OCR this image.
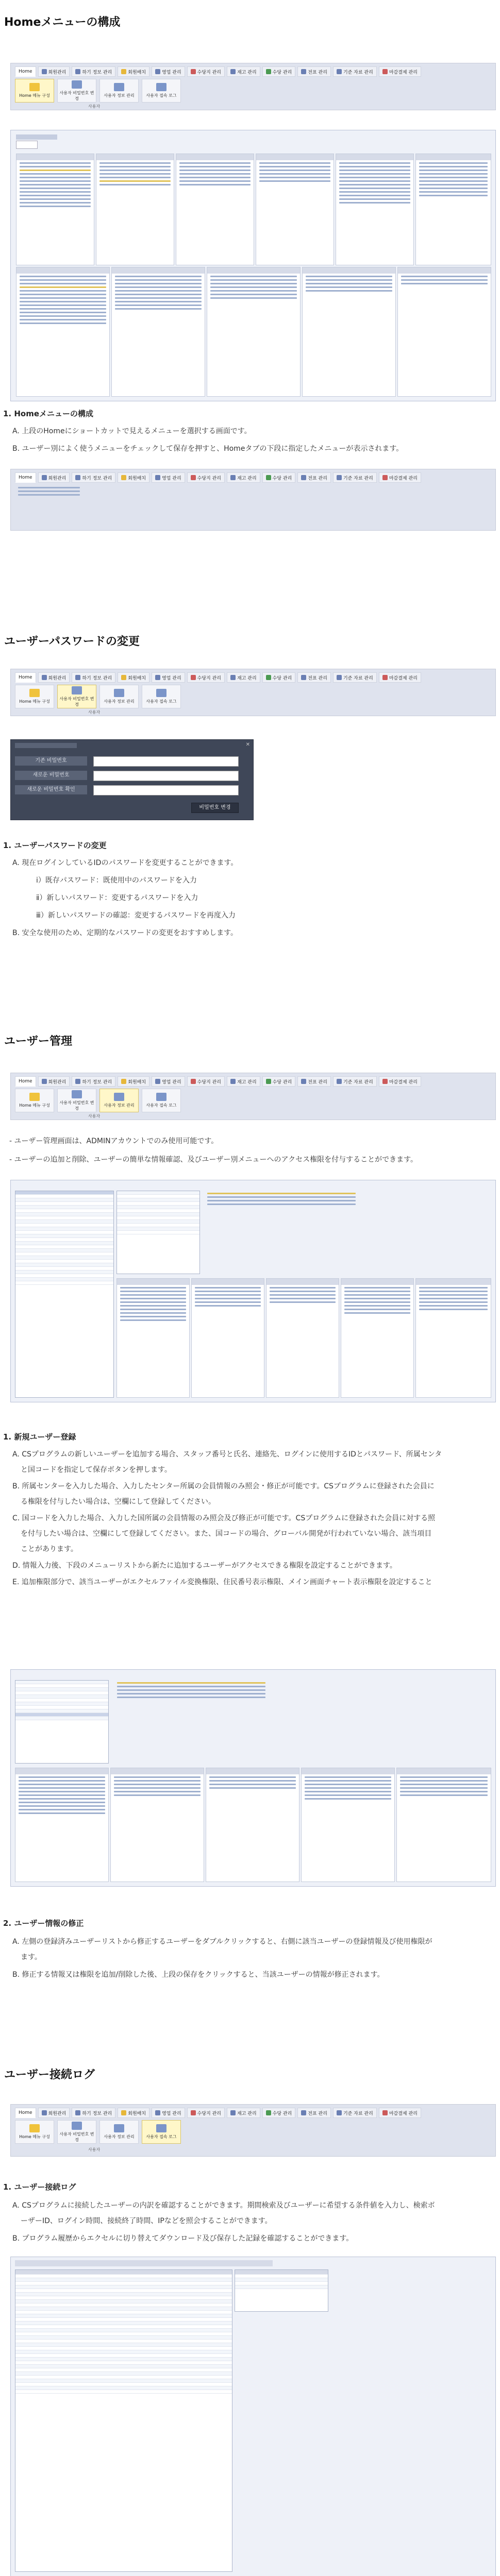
Homeメニューの構成
Home	회원관리	하기 정보 관리	회원배치	영업 관리	수당지 관리	재고 관리	수당 관리	전표 관리	기준 자료 관리	마감결제 관리
Home 메뉴 구성
사용자 비밀번호 변경
사용자 정보 관리	사용자 접속 로그
사용자
1. Homeメニューの構成
A. 上段のHomeにショートカットで見えるメニューを選択する画面です。
B. ユーザー別によく使うメニューをチェックして保存を押すと、Homeタブの下段に指定したメニューが表示されます。
Home	회원관리	하기 정보 관리	회원배치	영업 관리	수당지 관리	재고 관리	수당 관리	전표 관리	기준 자료 관리	마감결제 관리
ユーザーパスワードの変更
Home	회원관리	하기 정보 관리	회원배치	영업 관리	수당지 관리	재고 관리	수당 관리	전표 관리	기준 자료 관리	마감결제 관리
Home 메뉴 구성
사용자 비밀번호 변경
사용자 정보 관리	사용자 접속 로그
사용자
✕
기존 비밀번호
새로운 비밀번호
새로운 비밀번호 확인
비밀번호 변경
1. ユーザーパスワードの変更
A. 現在ログインしているIDのパスワードを変更することができます。
ⅰ）既存パスワード：既使用中のパスワードを入力
ⅱ）新しいパスワード：変更するパスワードを入力
ⅲ）新しいパスワードの確認：変更するパスワードを再度入力
B. 安全な使用のため、定期的なパスワードの変更をおすすめします。
ユーザー管理
Home	회원관리	하기 정보 관리	회원배치	영업 관리	수당지 관리	재고 관리	수당 관리	전표 관리	기준 자료 관리	마감결제 관리
Home 메뉴 구성
사용자 비밀번호 변경
사용자 정보 관리	사용자 접속 로그
사용자
- ユーザー管理画面は、ADMINアカウントでのみ使用可能です。
- ユーザーの追加と削除、ユーザーの簡単な情報確認、及びユーザー別メニューへのアクセス権限を付与することができます。
1. 新規ユーザー登録
A. CSプログラムの新しいユーザーを追加する場合、スタッフ番号と氏名、連絡先、ログインに使用するIDとパスワード、所属センタ
と国コードを指定して保存ボタンを押します。
B. 所属センターを入力した場合、入力したセンター所属の会員情報のみ照会・修正が可能です。CSプログラムに登録された会員に
る権限を付与したい場合は、空欄にして登録してください。
C. 国コードを入力した場合、入力した国所属の会員情報のみ照会及び修正が可能です。CSプログラムに登録された会員に対する照
を付与したい場合は、空欄にして登録してください。また、国コードの場合、グローバル開発が行われていない場合、該当項目
ことがあります。
D. 情報入力後、下段のメニューリストから新たに追加するユーザーがアクセスできる権限を設定することができます。
E. 追加権限部分で、該当ユーザーがエクセルファイル変換権限、住民番号表示権限、メイン画面チャート表示権限を設定すること
2. ユーザー情報の修正
A. 左側の登録済みユーザーリストから修正するユーザーをダブルクリックすると、右側に該当ユーザーの登録情報及び使用権限が
ます。
B. 修正する情報又は権限を追加/削除した後、上段の保存をクリックすると、当該ユーザーの情報が修正されます。
ユーザー接続ログ
Home	회원관리	하기 정보 관리	회원배치	영업 관리	수당지 관리	재고 관리	수당 관리	전표 관리	기준 자료 관리	마감결제 관리
Home 메뉴 구성
사용자 비밀번호 변경
사용자 정보 관리	사용자 접속 로그
사용자
1. ユーザー接続ログ
A. CSプログラムに接続したユーザーの内訳を確認することができます。期間検索及びユーザーに希望する条件値を入力し、検索ボ
ーザーID、ログイン時間、接続終了時間、IPなどを照会することができます。
B. プログラム履歴からエクセルに切り替えてダウンロード及び保存した記録を確認することができます。
